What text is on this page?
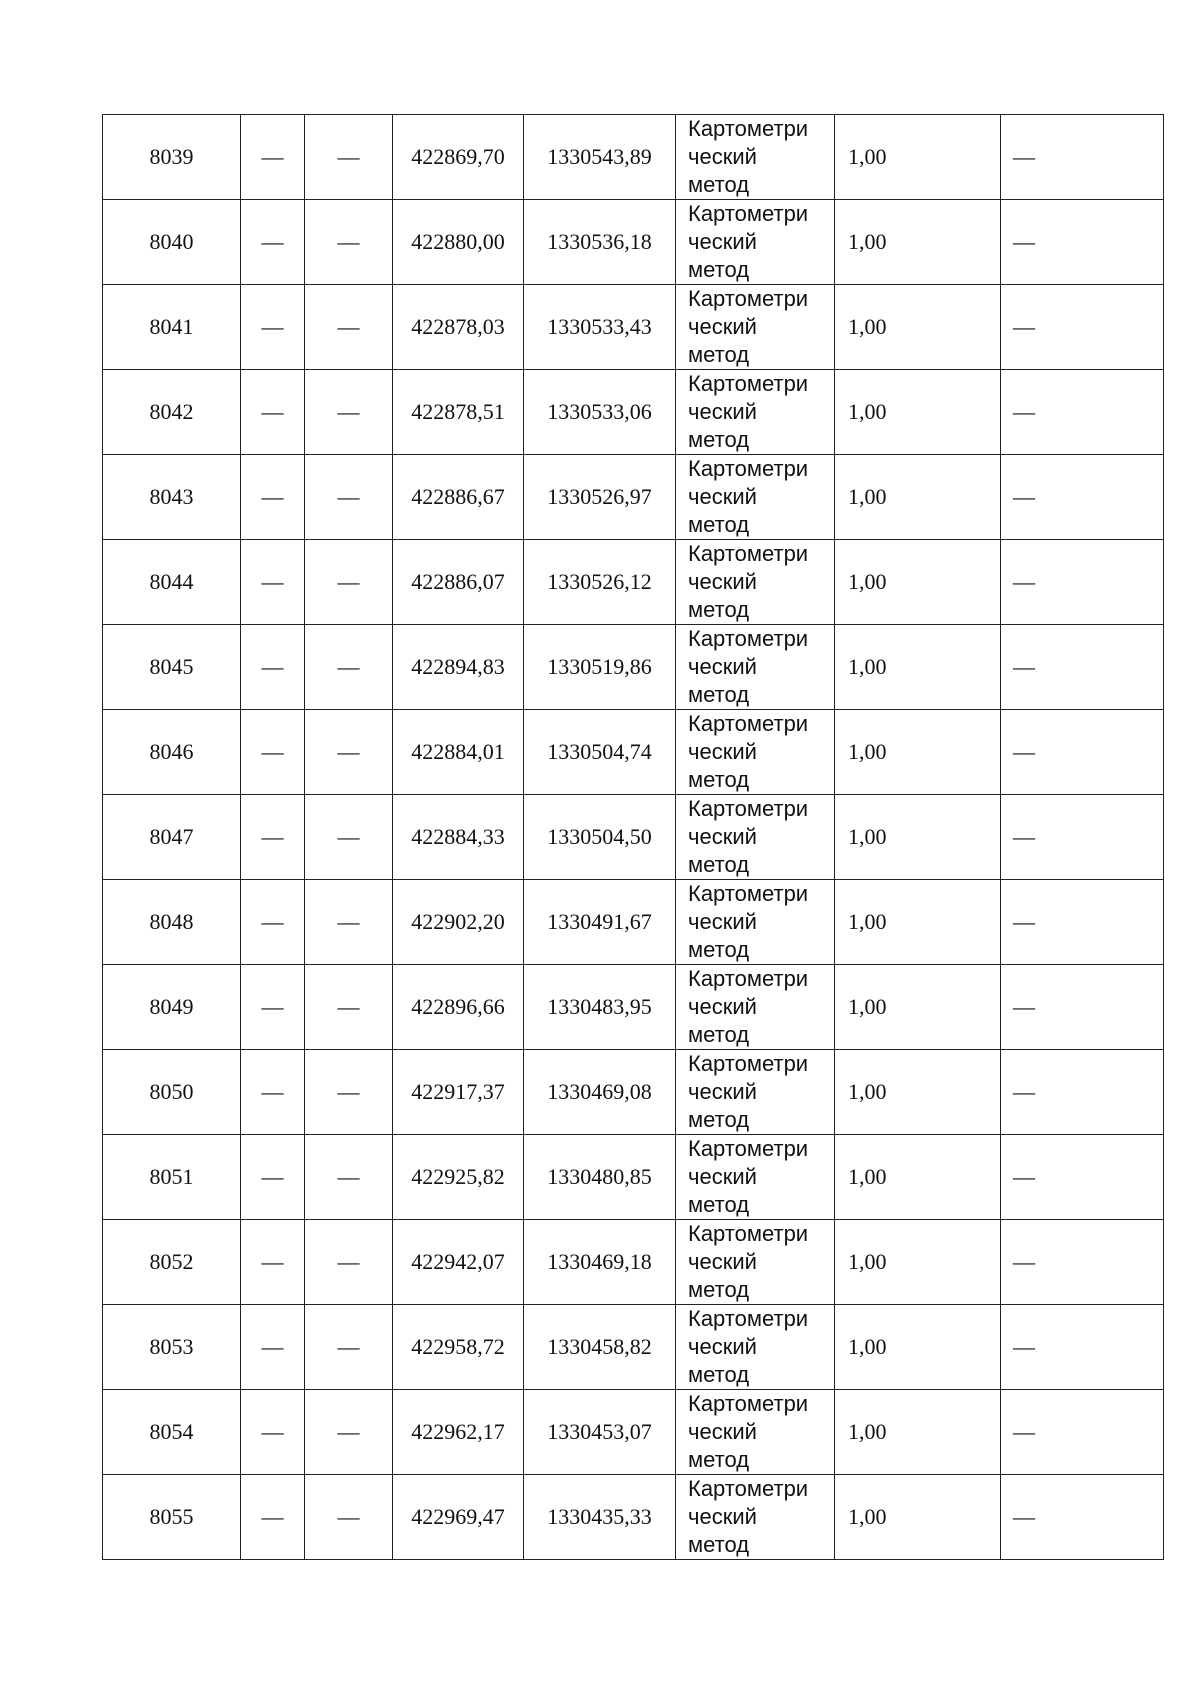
8039	—	—	422869,70	1330543,89	Картометри
ческий
метод	1,00	—
8040	—	—	422880,00	1330536,18	Картометри
ческий
метод	1,00	—
8041	—	—	422878,03	1330533,43	Картометри
ческий
метод	1,00	—
8042	—	—	422878,51	1330533,06	Картометри
ческий
метод	1,00	—
8043	—	—	422886,67	1330526,97	Картометри
ческий
метод	1,00	—
8044	—	—	422886,07	1330526,12	Картометри
ческий
метод	1,00	—
8045	—	—	422894,83	1330519,86	Картометри
ческий
метод	1,00	—
8046	—	—	422884,01	1330504,74	Картометри
ческий
метод	1,00	—
8047	—	—	422884,33	1330504,50	Картометри
ческий
метод	1,00	—
8048	—	—	422902,20	1330491,67	Картометри
ческий
метод	1,00	—
8049	—	—	422896,66	1330483,95	Картометри
ческий
метод	1,00	—
8050	—	—	422917,37	1330469,08	Картометри
ческий
метод	1,00	—
8051	—	—	422925,82	1330480,85	Картометри
ческий
метод	1,00	—
8052	—	—	422942,07	1330469,18	Картометри
ческий
метод	1,00	—
8053	—	—	422958,72	1330458,82	Картометри
ческий
метод	1,00	—
8054	—	—	422962,17	1330453,07	Картометри
ческий
метод	1,00	—
8055	—	—	422969,47	1330435,33	Картометри
ческий
метод	1,00	—
